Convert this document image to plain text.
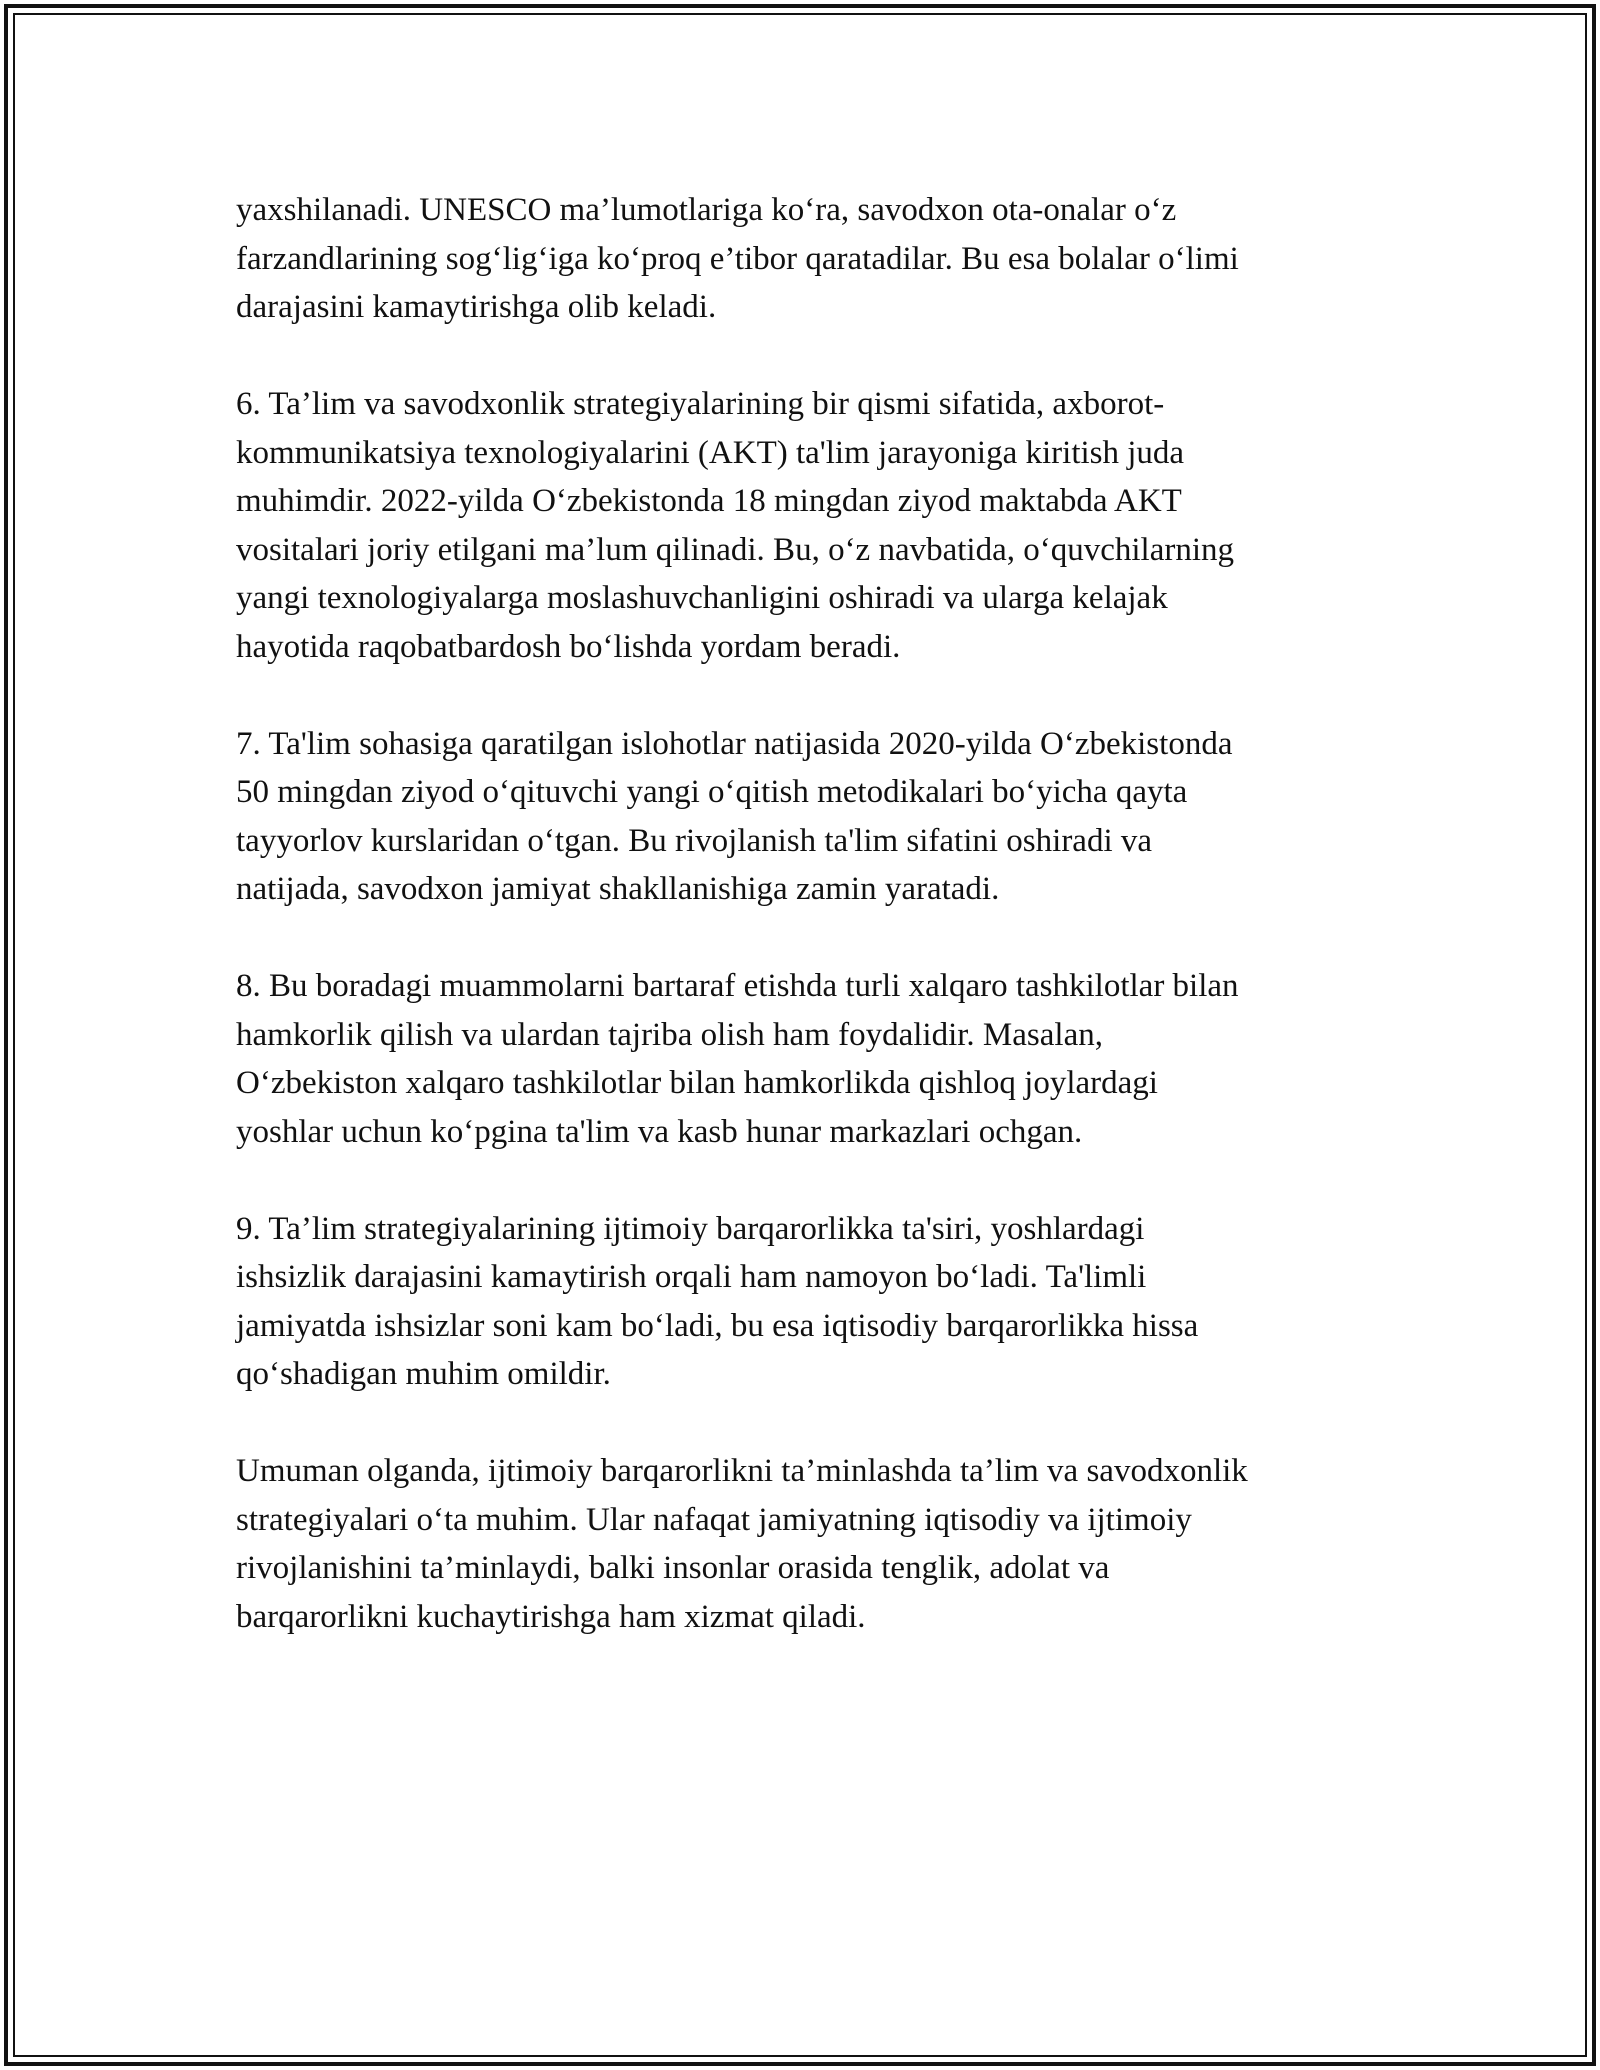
yaxshilanadi. UNESCO ma’lumotlariga ko‘ra, savodxon ota-onalar o‘z
farzandlarining sog‘lig‘iga ko‘proq e’tibor qaratadilar. Bu esa bolalar o‘limi
darajasini kamaytirishga olib keladi.

6. Ta’lim va savodxonlik strategiyalarining bir qismi sifatida, axborot-
kommunikatsiya texnologiyalarini (AKT) ta'lim jarayoniga kiritish juda
muhimdir. 2022-yilda O‘zbekistonda 18 mingdan ziyod maktabda AKT
vositalari joriy etilgani ma’lum qilinadi. Bu, o‘z navbatida, o‘quvchilarning
yangi texnologiyalarga moslashuvchanligini oshiradi va ularga kelajak
hayotida raqobatbardosh bo‘lishda yordam beradi.

7. Ta'lim sohasiga qaratilgan islohotlar natijasida 2020-yilda O‘zbekistonda
50 mingdan ziyod o‘qituvchi yangi o‘qitish metodikalari bo‘yicha qayta
tayyorlov kurslaridan o‘tgan. Bu rivojlanish ta'lim sifatini oshiradi va
natijada, savodxon jamiyat shakllanishiga zamin yaratadi.

8. Bu boradagi muammolarni bartaraf etishda turli xalqaro tashkilotlar bilan
hamkorlik qilish va ulardan tajriba olish ham foydalidir. Masalan,
O‘zbekiston xalqaro tashkilotlar bilan hamkorlikda qishloq joylardagi
yoshlar uchun ko‘pgina ta'lim va kasb hunar markazlari ochgan.

9. Ta’lim strategiyalarining ijtimoiy barqarorlikka ta'siri, yoshlardagi
ishsizlik darajasini kamaytirish orqali ham namoyon bo‘ladi. Ta'limli
jamiyatda ishsizlar soni kam bo‘ladi, bu esa iqtisodiy barqarorlikka hissa
qo‘shadigan muhim omildir.

Umuman olganda, ijtimoiy barqarorlikni ta’minlashda ta’lim va savodxonlik
strategiyalari o‘ta muhim. Ular nafaqat jamiyatning iqtisodiy va ijtimoiy
rivojlanishini ta’minlaydi, balki insonlar orasida tenglik, adolat va
barqarorlikni kuchaytirishga ham xizmat qiladi.
